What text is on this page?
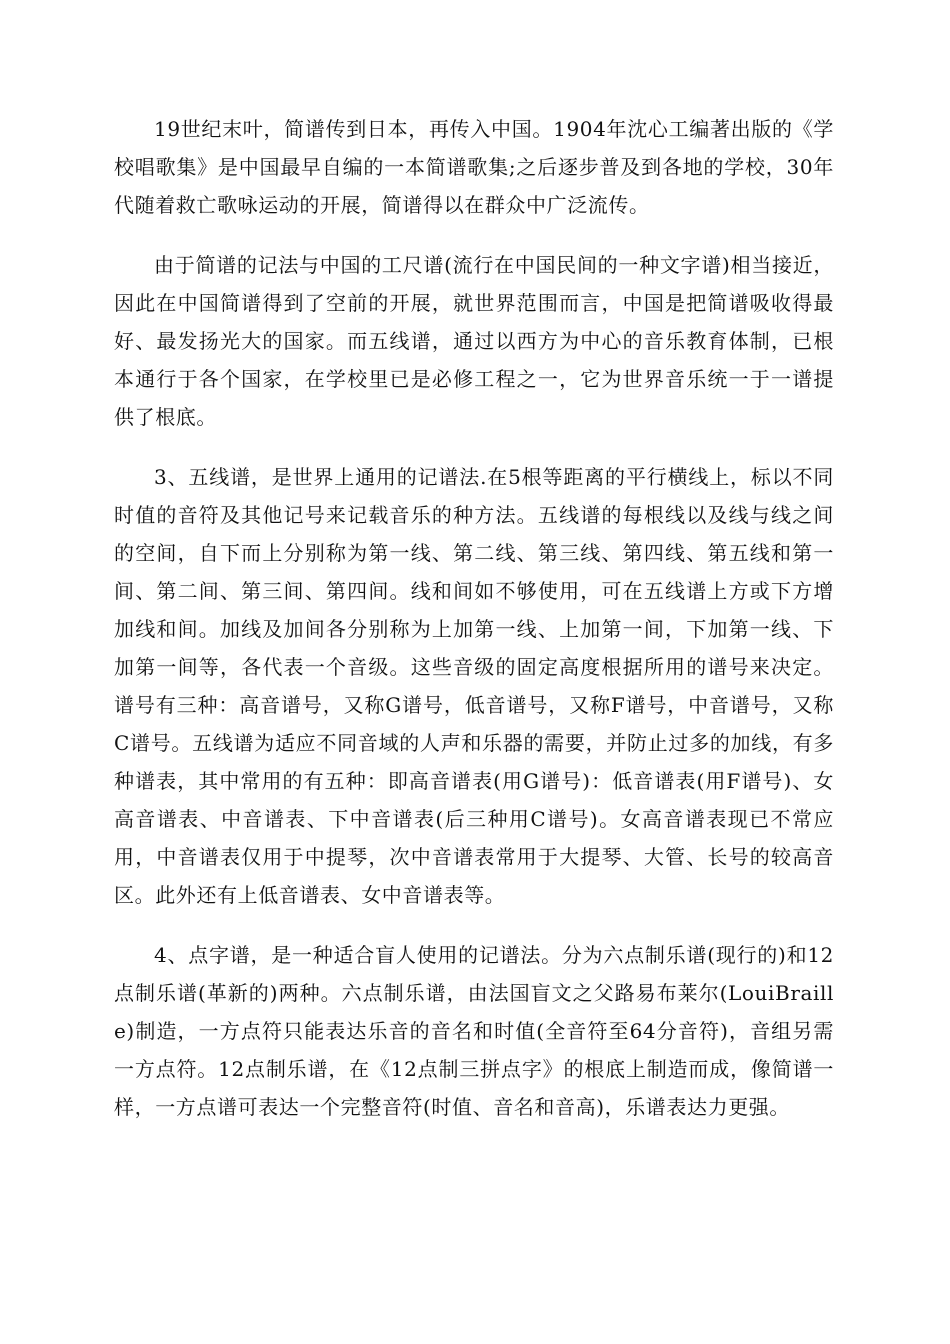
19世纪末叶，简谱传到日本，再传入中国。1904年沈心工编著出版的《学校唱歌集》是中国最早自编的一本简谱歌集;之后逐步普及到各地的学校，30年代随着救亡歌咏运动的开展，简谱得以在群众中广泛流传。

由于简谱的记法与中国的工尺谱(流行在中国民间的一种文字谱)相当接近，因此在中国简谱得到了空前的开展，就世界范围而言，中国是把简谱吸收得最好、最发扬光大的国家。而五线谱，通过以西方为中心的音乐教育体制，已根本通行于各个国家，在学校里已是必修工程之一，它为世界音乐统一于一谱提供了根底。

3、五线谱，是世界上通用的记谱法.在5根等距离的平行横线上，标以不同时值的音符及其他记号来记载音乐的种方法。五线谱的每根线以及线与线之间的空间，自下而上分别称为第一线、第二线、第三线、第四线、第五线和第一间、第二间、第三间、第四间。线和间如不够使用，可在五线谱上方或下方增加线和间。加线及加间各分别称为上加第一线、上加第一间，下加第一线、下加第一间等，各代表一个音级。这些音级的固定高度根据所用的谱号来决定。谱号有三种：高音谱号，又称G谱号，低音谱号，又称F谱号，中音谱号，又称C谱号。五线谱为适应不同音域的人声和乐器的需要，并防止过多的加线，有多种谱表，其中常用的有五种：即高音谱表(用G谱号)：低音谱表(用F谱号)、女高音谱表、中音谱表、下中音谱表(后三种用C谱号)。女高音谱表现已不常应用，中音谱表仅用于中提琴，次中音谱表常用于大提琴、大管、长号的较高音区。此外还有上低音谱表、女中音谱表等。

4、点字谱，是一种适合盲人使用的记谱法。分为六点制乐谱(现行的)和12点制乐谱(革新的)两种。六点制乐谱，由法国盲文之父路易布莱尔(LouiBraille)制造，一方点符只能表达乐音的音名和时值(全音符至64分音符)，音组另需一方点符。12点制乐谱，在《12点制三拼点字》的根底上制造而成，像简谱一样，一方点谱可表达一个完整音符(时值、音名和音高)，乐谱表达力更强。
